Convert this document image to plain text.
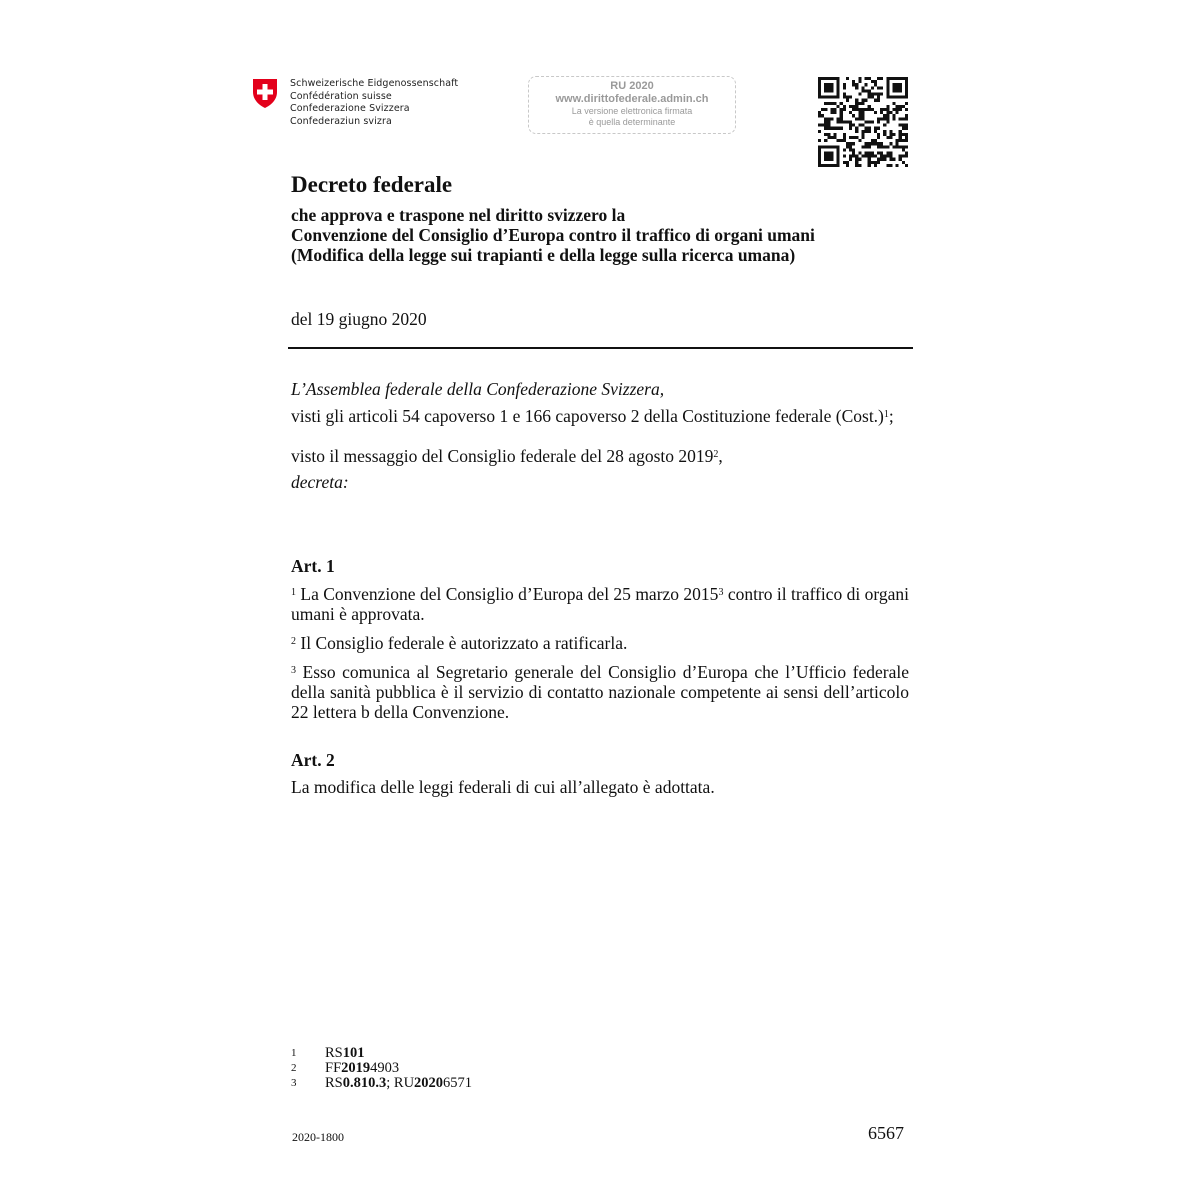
Schweizerische Eidgenossenschaft
Confédération suisse
Confederazione Svizzera
Confederaziun svizra
RU 2020
www.dirittofederale.admin.ch
La versione elettronica firmata
è quella determinante
Decreto federale
che approva e traspone nel diritto svizzero la
Convenzione del Consiglio d’Europa contro il traffico di organi umani
(Modifica della legge sui trapianti e della legge sulla ricerca umana)
del 19 giugno 2020
L’Assemblea federale della Confederazione Svizzera,
visti gli articoli 54 capoverso 1 e 166 capoverso 2 della Costituzione federale (Cost.)$^1$;
visto il messaggio del Consiglio federale del 28 agosto 2019$^2$,
decreta:
Art. 1
$^1$ La Convenzione del Consiglio d’Europa del 25 marzo 2015$^3$ contro il traffico di organi umani è approvata.
$^2$ Il Consiglio federale è autorizzato a ratificarla.
$^3$ Esso comunica al Segretario generale del Consiglio d’Europa che l’Ufficio federale della sanità pubblica è il servizio di contatto nazionale competente ai sensi dell’articolo 22 lettera b della Convenzione.
Art. 2
La modifica delle leggi federali di cui all’allegato è adottata.
1	RS 101
2	FF 2019 4903
3	RS 0.810.3 ; RU 2020 6571
2020-1800	6567
